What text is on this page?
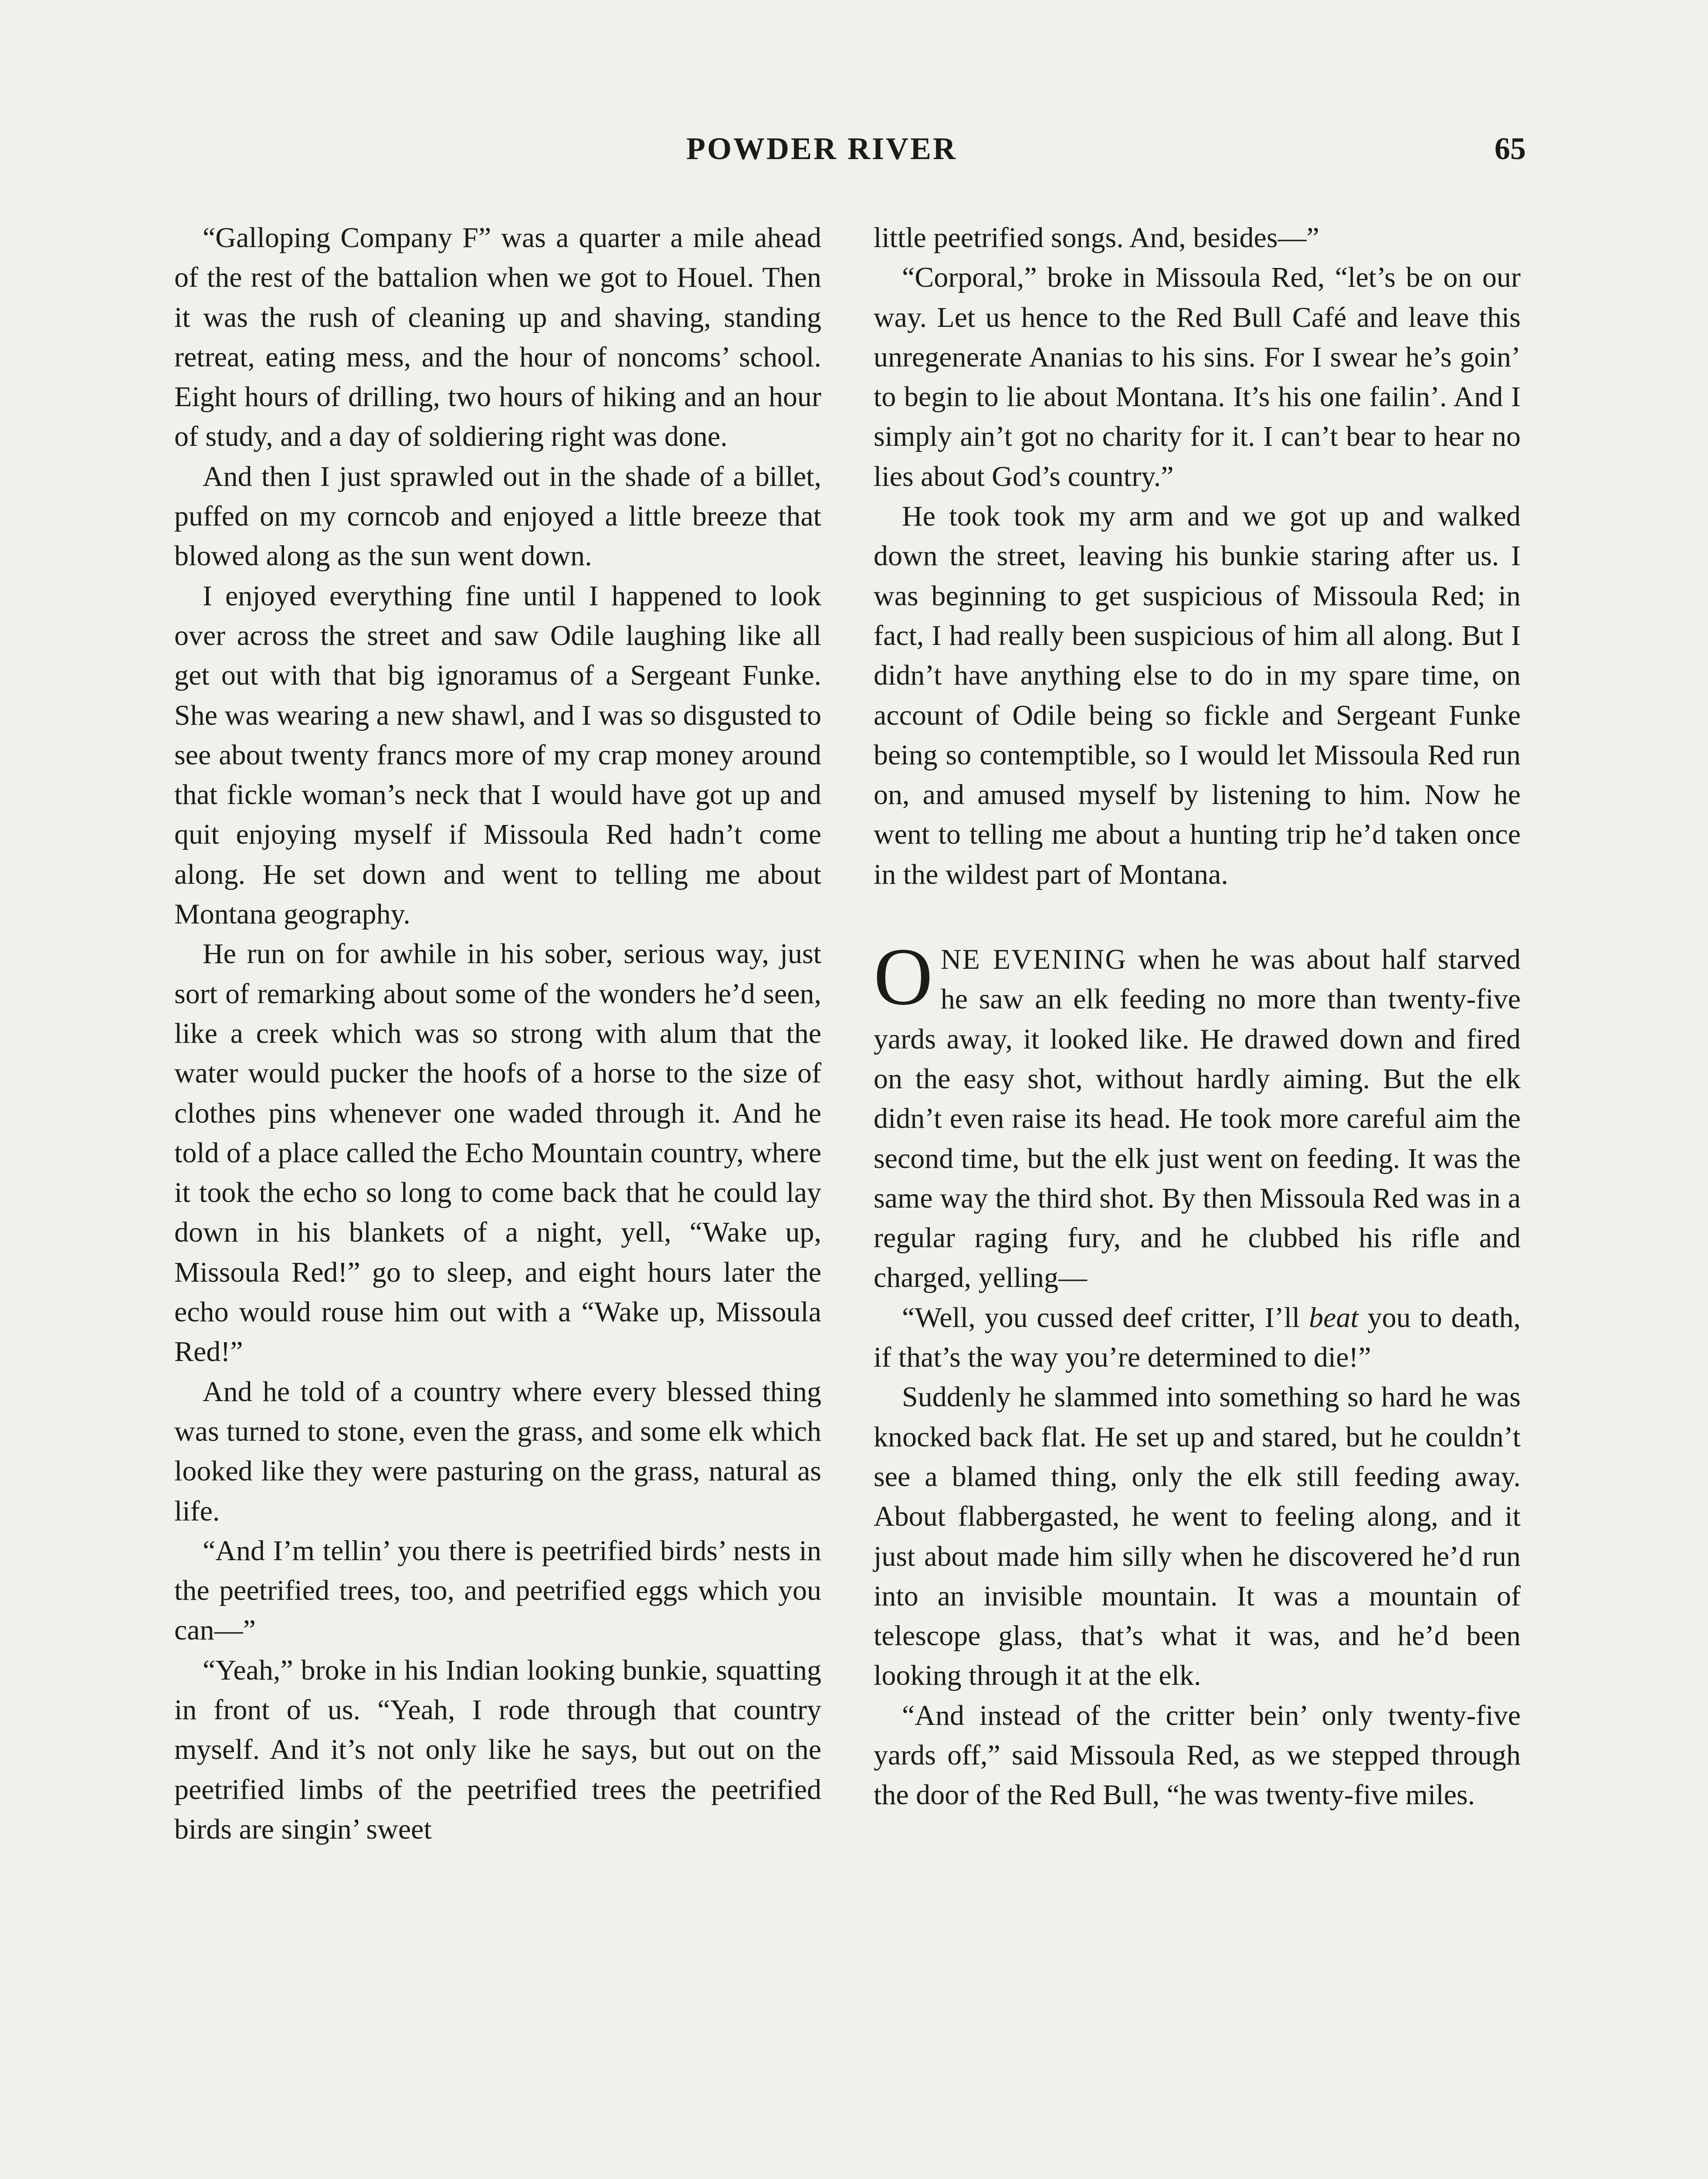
POWDER RIVER	65

“Galloping Company F” was a quarter a mile ahead of the rest of the battalion when we got to Houel. Then it was the rush of cleaning up and shaving, standing retreat, eating mess, and the hour of noncoms’ school. Eight hours of drilling, two hours of hiking and an hour of study, and a day of soldiering right was done.

And then I just sprawled out in the shade of a billet, puffed on my corncob and enjoyed a little breeze that blowed along as the sun went down.

I enjoyed everything fine until I happened to look over across the street and saw Odile laughing like all get out with that big ignoramus of a Sergeant Funke. She was wearing a new shawl, and I was so disgusted to see about twenty francs more of my crap money around that fickle woman’s neck that I would have got up and quit enjoying myself if Missoula Red hadn’t come along. He set down and went to telling me about Montana geography.

He run on for awhile in his sober, serious way, just sort of remarking about some of the wonders he’d seen, like a creek which was so strong with alum that the water would pucker the hoofs of a horse to the size of clothes pins whenever one waded through it. And he told of a place called the Echo Mountain country, where it took the echo so long to come back that he could lay down in his blankets of a night, yell, “Wake up, Missoula Red!” go to sleep, and eight hours later the echo would rouse him out with a “Wake up, Missoula Red!”

And he told of a country where every blessed thing was turned to stone, even the grass, and some elk which looked like they were pasturing on the grass, natural as life.

“And I’m tellin’ you there is peetrified birds’ nests in the peetrified trees, too, and peetrified eggs which you can—”

“Yeah,” broke in his Indian looking bunkie, squatting in front of us. “Yeah, I rode through that country myself. And it’s not only like he says, but out on the peetrified limbs of the peetrified trees the peetrified birds are singin’ sweet

little peetrified songs. And, besides—”

“Corporal,” broke in Missoula Red, “let’s be on our way. Let us hence to the Red Bull Café and leave this unregenerate Ananias to his sins. For I swear he’s goin’ to begin to lie about Montana. It’s his one failin’. And I simply ain’t got no charity for it. I can’t bear to hear no lies about God’s country.”

He took took my arm and we got up and walked down the street, leaving his bunkie staring after us. I was beginning to get suspicious of Missoula Red; in fact, I had really been suspicious of him all along. But I didn’t have anything else to do in my spare time, on account of Odile being so fickle and Sergeant Funke being so contemptible, so I would let Missoula Red run on, and amused myself by listening to him. Now he went to telling me about a hunting trip he’d taken once in the wildest part of Montana.

ONE EVENING when he was about half starved he saw an elk feeding no more than twenty-five yards away, it looked like. He drawed down and fired on the easy shot, without hardly aiming. But the elk didn’t even raise its head. He took more careful aim the second time, but the elk just went on feeding. It was the same way the third shot. By then Missoula Red was in a regular raging fury, and he clubbed his rifle and charged, yelling—

“Well, you cussed deef critter, I’ll beat you to death, if that’s the way you’re determined to die!”

Suddenly he slammed into something so hard he was knocked back flat. He set up and stared, but he couldn’t see a blamed thing, only the elk still feeding away. About flabbergasted, he went to feeling along, and it just about made him silly when he discovered he’d run into an invisible mountain. It was a mountain of telescope glass, that’s what it was, and he’d been looking through it at the elk.

“And instead of the critter bein’ only twenty-five yards off,” said Missoula Red, as we stepped through the door of the Red Bull, “he was twenty-five miles.
